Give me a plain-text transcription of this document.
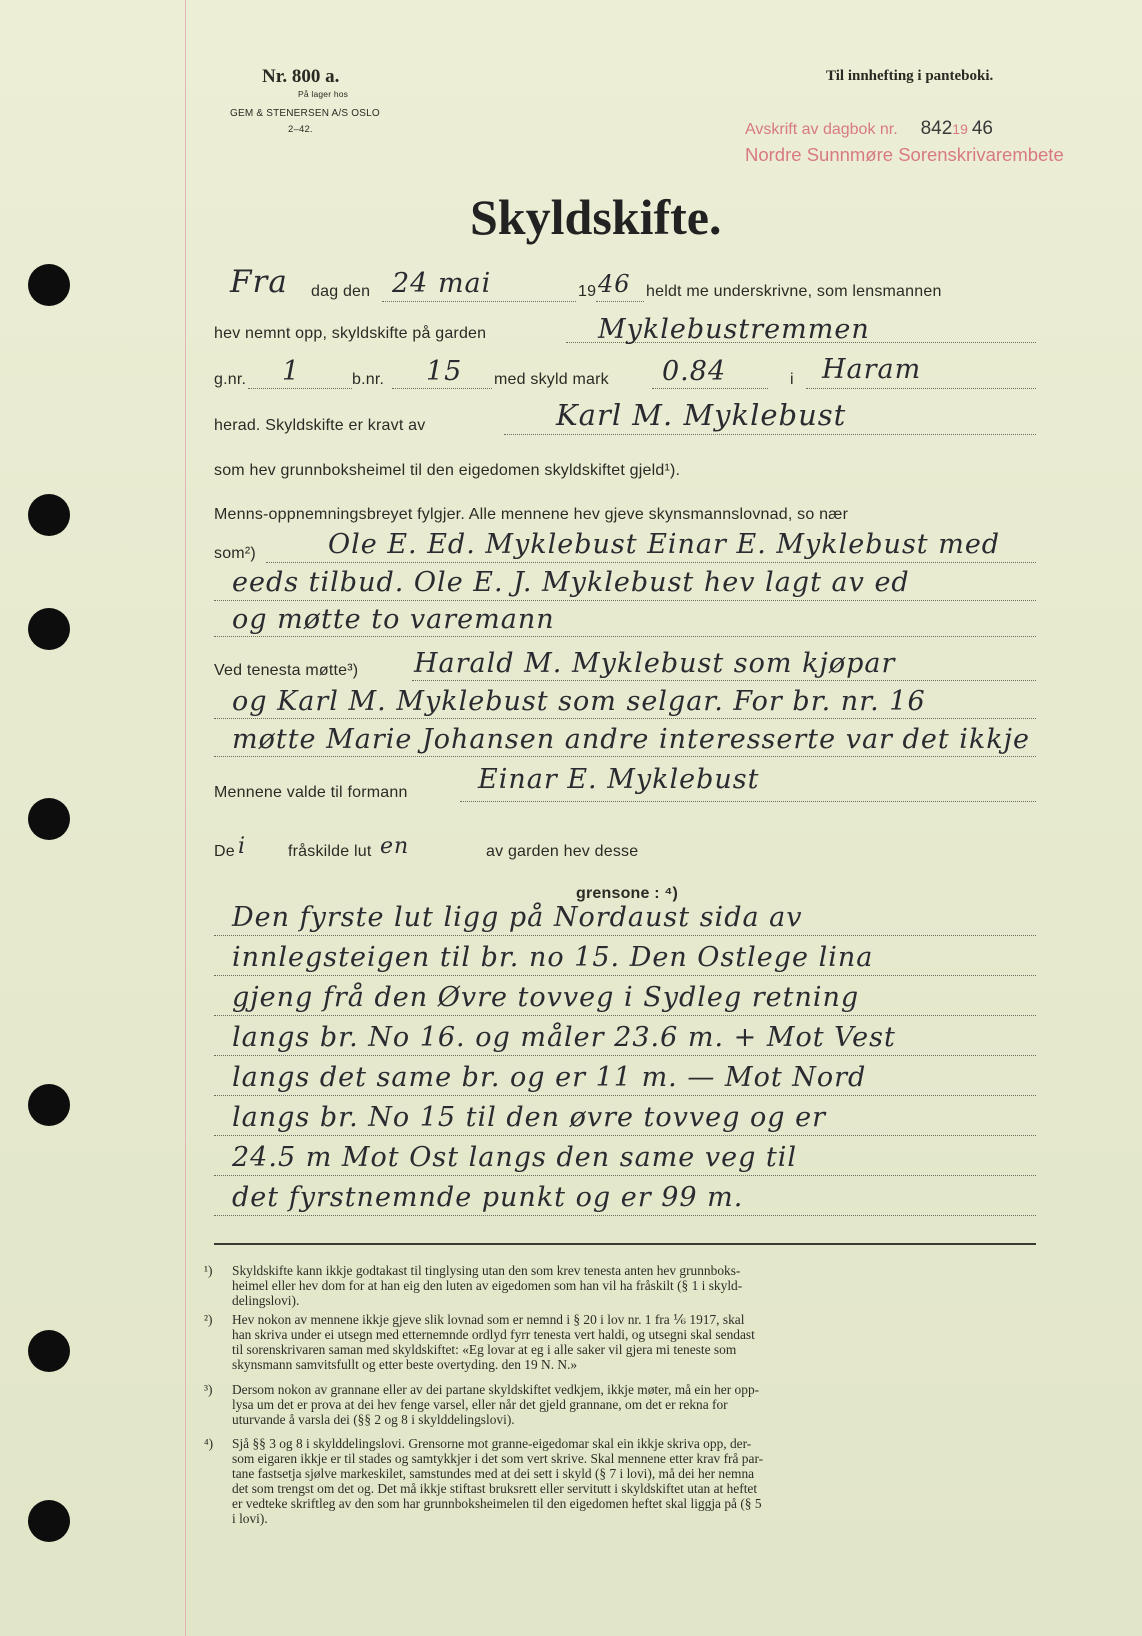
Nr. 800 a.
På lager hos
GEM & STENERSEN A/S OSLO
2–42.
Til innhefting i panteboki.
Avskrift av dagbok nr. 84219 46
Nordre Sunnmøre Sorenskrivarembete
Skyldskifte.
Fra dag den 24 mai	19 46 heldt me underskrivne, som lensmannen
hev nemnt opp, skyldskifte på garden	Myklebustremmen
g.nr. 1	b.nr. 15 med skyld mark 0.84	i Haram
herad. Skyldskifte er kravt av	Karl M. Myklebust
som hev grunnboksheimel til den eigedomen skyldskiftet gjeld¹).
Menns-oppnemningsbreyet fylgjer. Alle mennene hev gjeve skynsmannslovnad, so nær
som²)	Ole E. Ed. Myklebust Einar E. Myklebust med
eeds tilbud. Ole E. J. Myklebust hev lagt av ed
og møtte to varemann
Ved tenesta møtte³) Harald M. Myklebust som kjøpar
og Karl M. Myklebust som selgar. For br. nr. 16
møtte Marie Johansen andre interesserte var det ikkje
Mennene valde til formann	Einar E. Myklebust
De i	fråskilde lut en	av garden hev desse
grensone : ⁴)
Den fyrste lut ligg på Nordaust sida av
innlegsteigen til br. no 15. Den Ostlege lina
gjeng frå den Øvre tovveg i Sydleg retning
langs br. No 16. og måler 23.6 m. + Mot Vest
langs det same br. og er 11 m. — Mot Nord
langs br. No 15 til den øvre tovveg og er
24.5 m Mot Ost langs den same veg til
det fyrstnemnde punkt og er 99 m.
¹) Skyldskifte kann ikkje godtakast til tinglysing utan den som krev tenesta anten hev grunnboks-
heimel eller hev dom for at han eig den luten av eigedomen som han vil ha fråskilt (§ 1 i skyld-
delingslovi).
²) Hev nokon av mennene ikkje gjeve slik lovnad som er nemnd i § 20 i lov nr. 1 fra ⅙ 1917, skal
han skriva under ei utsegn med etternemnde ordlyd fyrr tenesta vert haldi, og utsegni skal sendast
til sorenskrivaren saman med skyldskiftet: «Eg lovar at eg i alle saker vil gjera mi teneste som
skynsmann samvitsfullt og etter beste overtyding. den 19 N. N.»
³) Dersom nokon av grannane eller av dei partane skyldskiftet vedkjem, ikkje møter, må ein her opp-
lysa um det er prova at dei hev fenge varsel, eller når det gjeld grannane, om det er rekna for
uturvande å varsla dei (§§ 2 og 8 i skylddelingslovi).
⁴) Sjå §§ 3 og 8 i skylddelingslovi. Grensorne mot granne-eigedomar skal ein ikkje skriva opp, der-
som eigaren ikkje er til stades og samtykkjer i det som vert skrive. Skal mennene etter krav frå par-
tane fastsetja sjølve markeskilet, samstundes med at dei sett i skyld (§ 7 i lovi), må dei her nemna
det som trengst om det og. Det må ikkje stiftast bruksrett eller servitutt i skyldskiftet utan at heftet
er vedteke skriftleg av den som har grunnboksheimelen til den eigedomen heftet skal liggja på (§ 5
i lovi).
